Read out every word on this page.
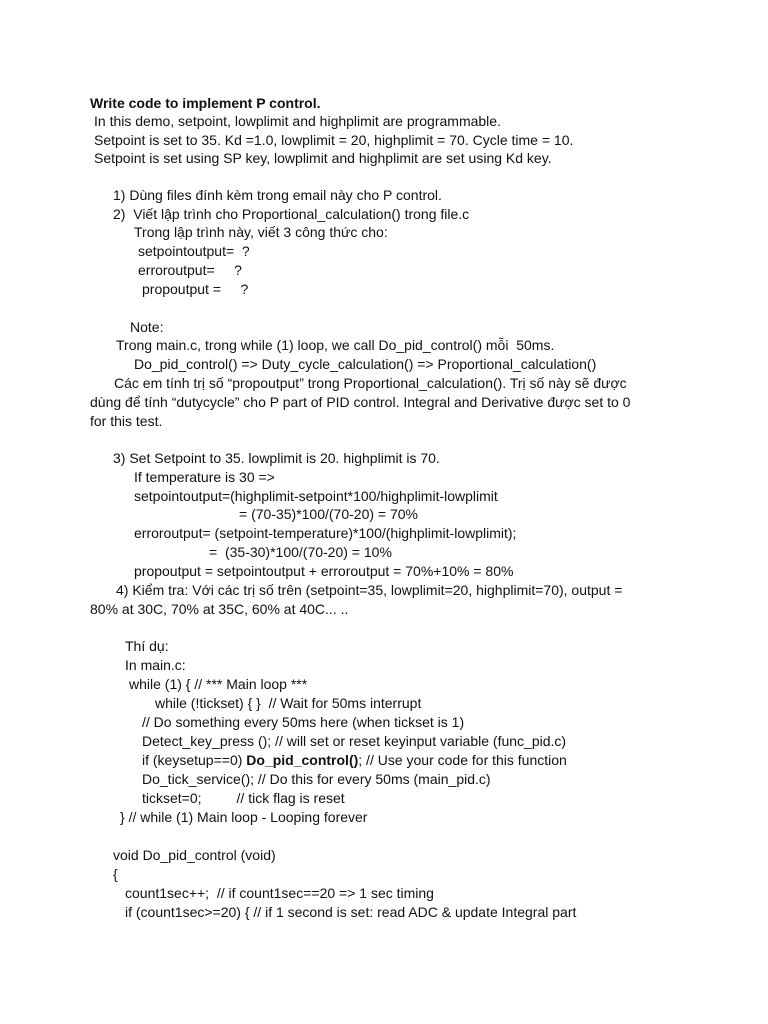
Write code to implement P control.
In this demo, setpoint, lowplimit and highplimit are programmable.
Setpoint is set to 35. Kd =1.0, lowplimit = 20, highplimit = 70. Cycle time = 10.
Setpoint is set using SP key, lowplimit and highplimit are set using Kd key.
1) Dùng files đính kèm trong email này cho P control.
2)  Viết lập trình cho Proportional_calculation() trong file.c
Trong lập trình này, viết 3 công thức cho:
setpointoutput=  ?
erroroutput=     ?
propoutput =     ?
Note:
Trong main.c, trong while (1) loop, we call Do_pid_control() mỗi  50ms.
Do_pid_control() => Duty_cycle_calculation() => Proportional_calculation()
Các em tính trị số “propoutput” trong Proportional_calculation(). Trị số này sẽ được
dùng để tính “dutycycle” cho P part of PID control. Integral and Derivative được set to 0
for this test.
3) Set Setpoint to 35. lowplimit is 20. highplimit is 70.
If temperature is 30 =>
setpointoutput=(highplimit-setpoint*100/highplimit-lowplimit
= (70-35)*100/(70-20) = 70%
erroroutput= (setpoint-temperature)*100/(highplimit-lowplimit);
=  (35-30)*100/(70-20) = 10%
propoutput = setpointoutput + erroroutput = 70%+10% = 80%
4) Kiểm tra: Với các trị số trên (setpoint=35, lowplimit=20, highplimit=70), output =
80% at 30C, 70% at 35C, 60% at 40C... ..
Thí dụ:
In main.c:
while (1) { // *** Main loop ***
while (!tickset) { }  // Wait for 50ms interrupt
// Do something every 50ms here (when tickset is 1)
Detect_key_press (); // will set or reset keyinput variable (func_pid.c)
if (keysetup==0) Do_pid_control(); // Use your code for this function
Do_tick_service(); // Do this for every 50ms (main_pid.c)
tickset=0;         // tick flag is reset
} // while (1) Main loop - Looping forever
void Do_pid_control (void)
{
count1sec++;  // if count1sec==20 => 1 sec timing
if (count1sec>=20) { // if 1 second is set: read ADC & update Integral part
